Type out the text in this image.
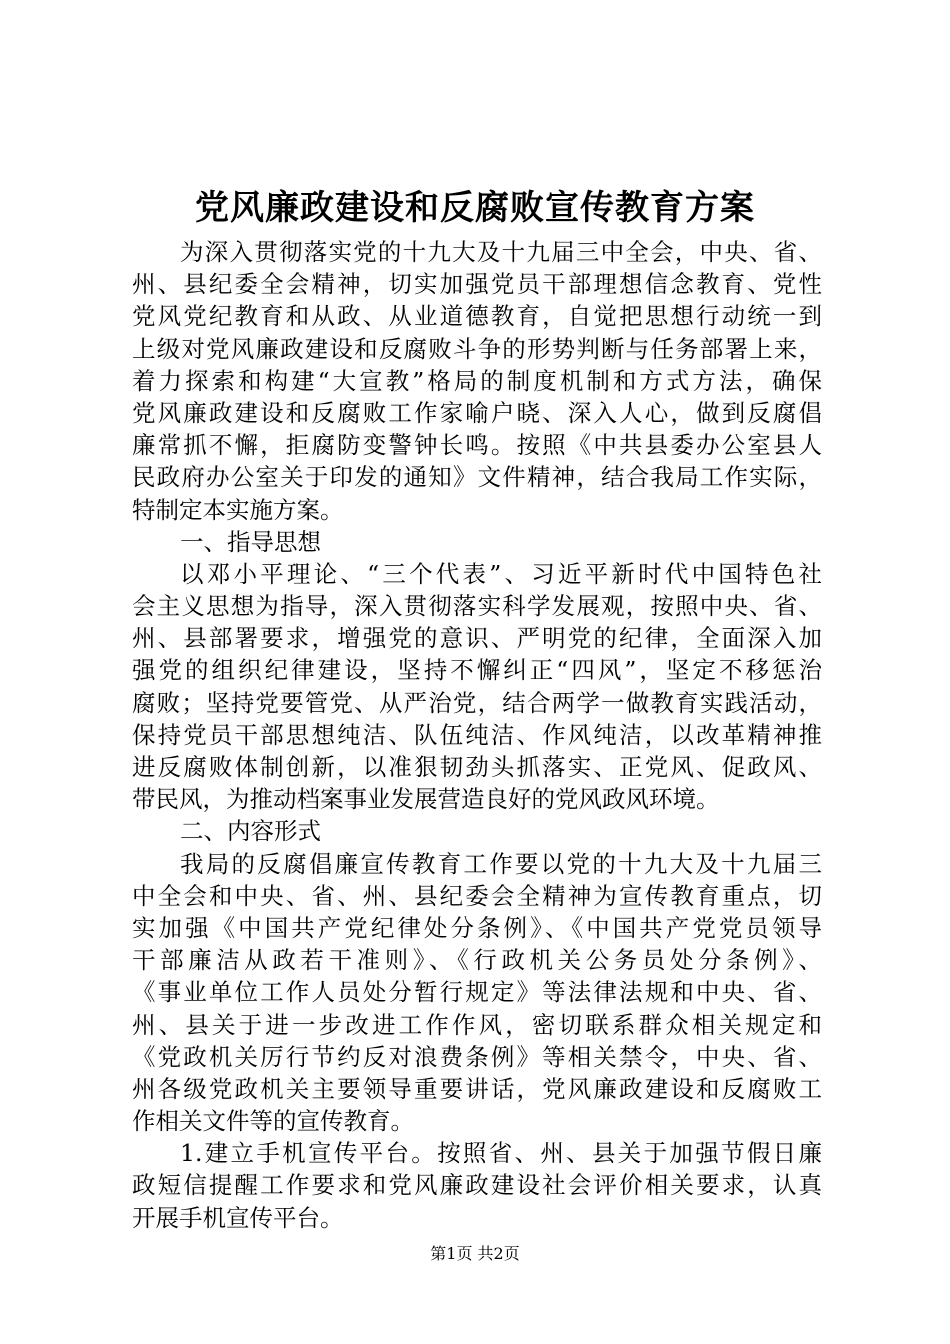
党风廉政建设和反腐败宣传教育方案
为深入贯彻落实党的十九大及十九届三中全会，中央、省、
州、县纪委全会精神，切实加强党员干部理想信念教育、党性
党风党纪教育和从政、从业道德教育，自觉把思想行动统一到
上级对党风廉政建设和反腐败斗争的形势判断与任务部署上来，
着力探索和构建“大宣教”格局的制度机制和方式方法，确保
党风廉政建设和反腐败工作家喻户晓、深入人心，做到反腐倡
廉常抓不懈，拒腐防变警钟长鸣。按照《中共县委办公室县人
民政府办公室关于印发的通知》文件精神，结合我局工作实际，
特制定本实施方案。
一、指导思想
以邓小平理论、“三个代表”、习近平新时代中国特色社
会主义思想为指导，深入贯彻落实科学发展观，按照中央、省、
州、县部署要求，增强党的意识、严明党的纪律，全面深入加
强党的组织纪律建设，坚持不懈纠正“四风”，坚定不移惩治
腐败；坚持党要管党、从严治党，结合两学一做教育实践活动，
保持党员干部思想纯洁、队伍纯洁、作风纯洁，以改革精神推
进反腐败体制创新，以准狠韧劲头抓落实、正党风、促政风、
带民风，为推动档案事业发展营造良好的党风政风环境。
二、内容形式
我局的反腐倡廉宣传教育工作要以党的十九大及十九届三
中全会和中央、省、州、县纪委会全精神为宣传教育重点，切
实加强《中国共产党纪律处分条例》、《中国共产党党员领导
干部廉洁从政若干准则》、《行政机关公务员处分条例》、
《事业单位工作人员处分暂行规定》等法律法规和中央、省、
州、县关于进一步改进工作作风，密切联系群众相关规定和
《党政机关厉行节约反对浪费条例》等相关禁令，中央、省、
州各级党政机关主要领导重要讲话，党风廉政建设和反腐败工
作相关文件等的宣传教育。
1.建立手机宣传平台。按照省、州、县关于加强节假日廉
政短信提醒工作要求和党风廉政建设社会评价相关要求，认真
开展手机宣传平台。
第1页 共2页
